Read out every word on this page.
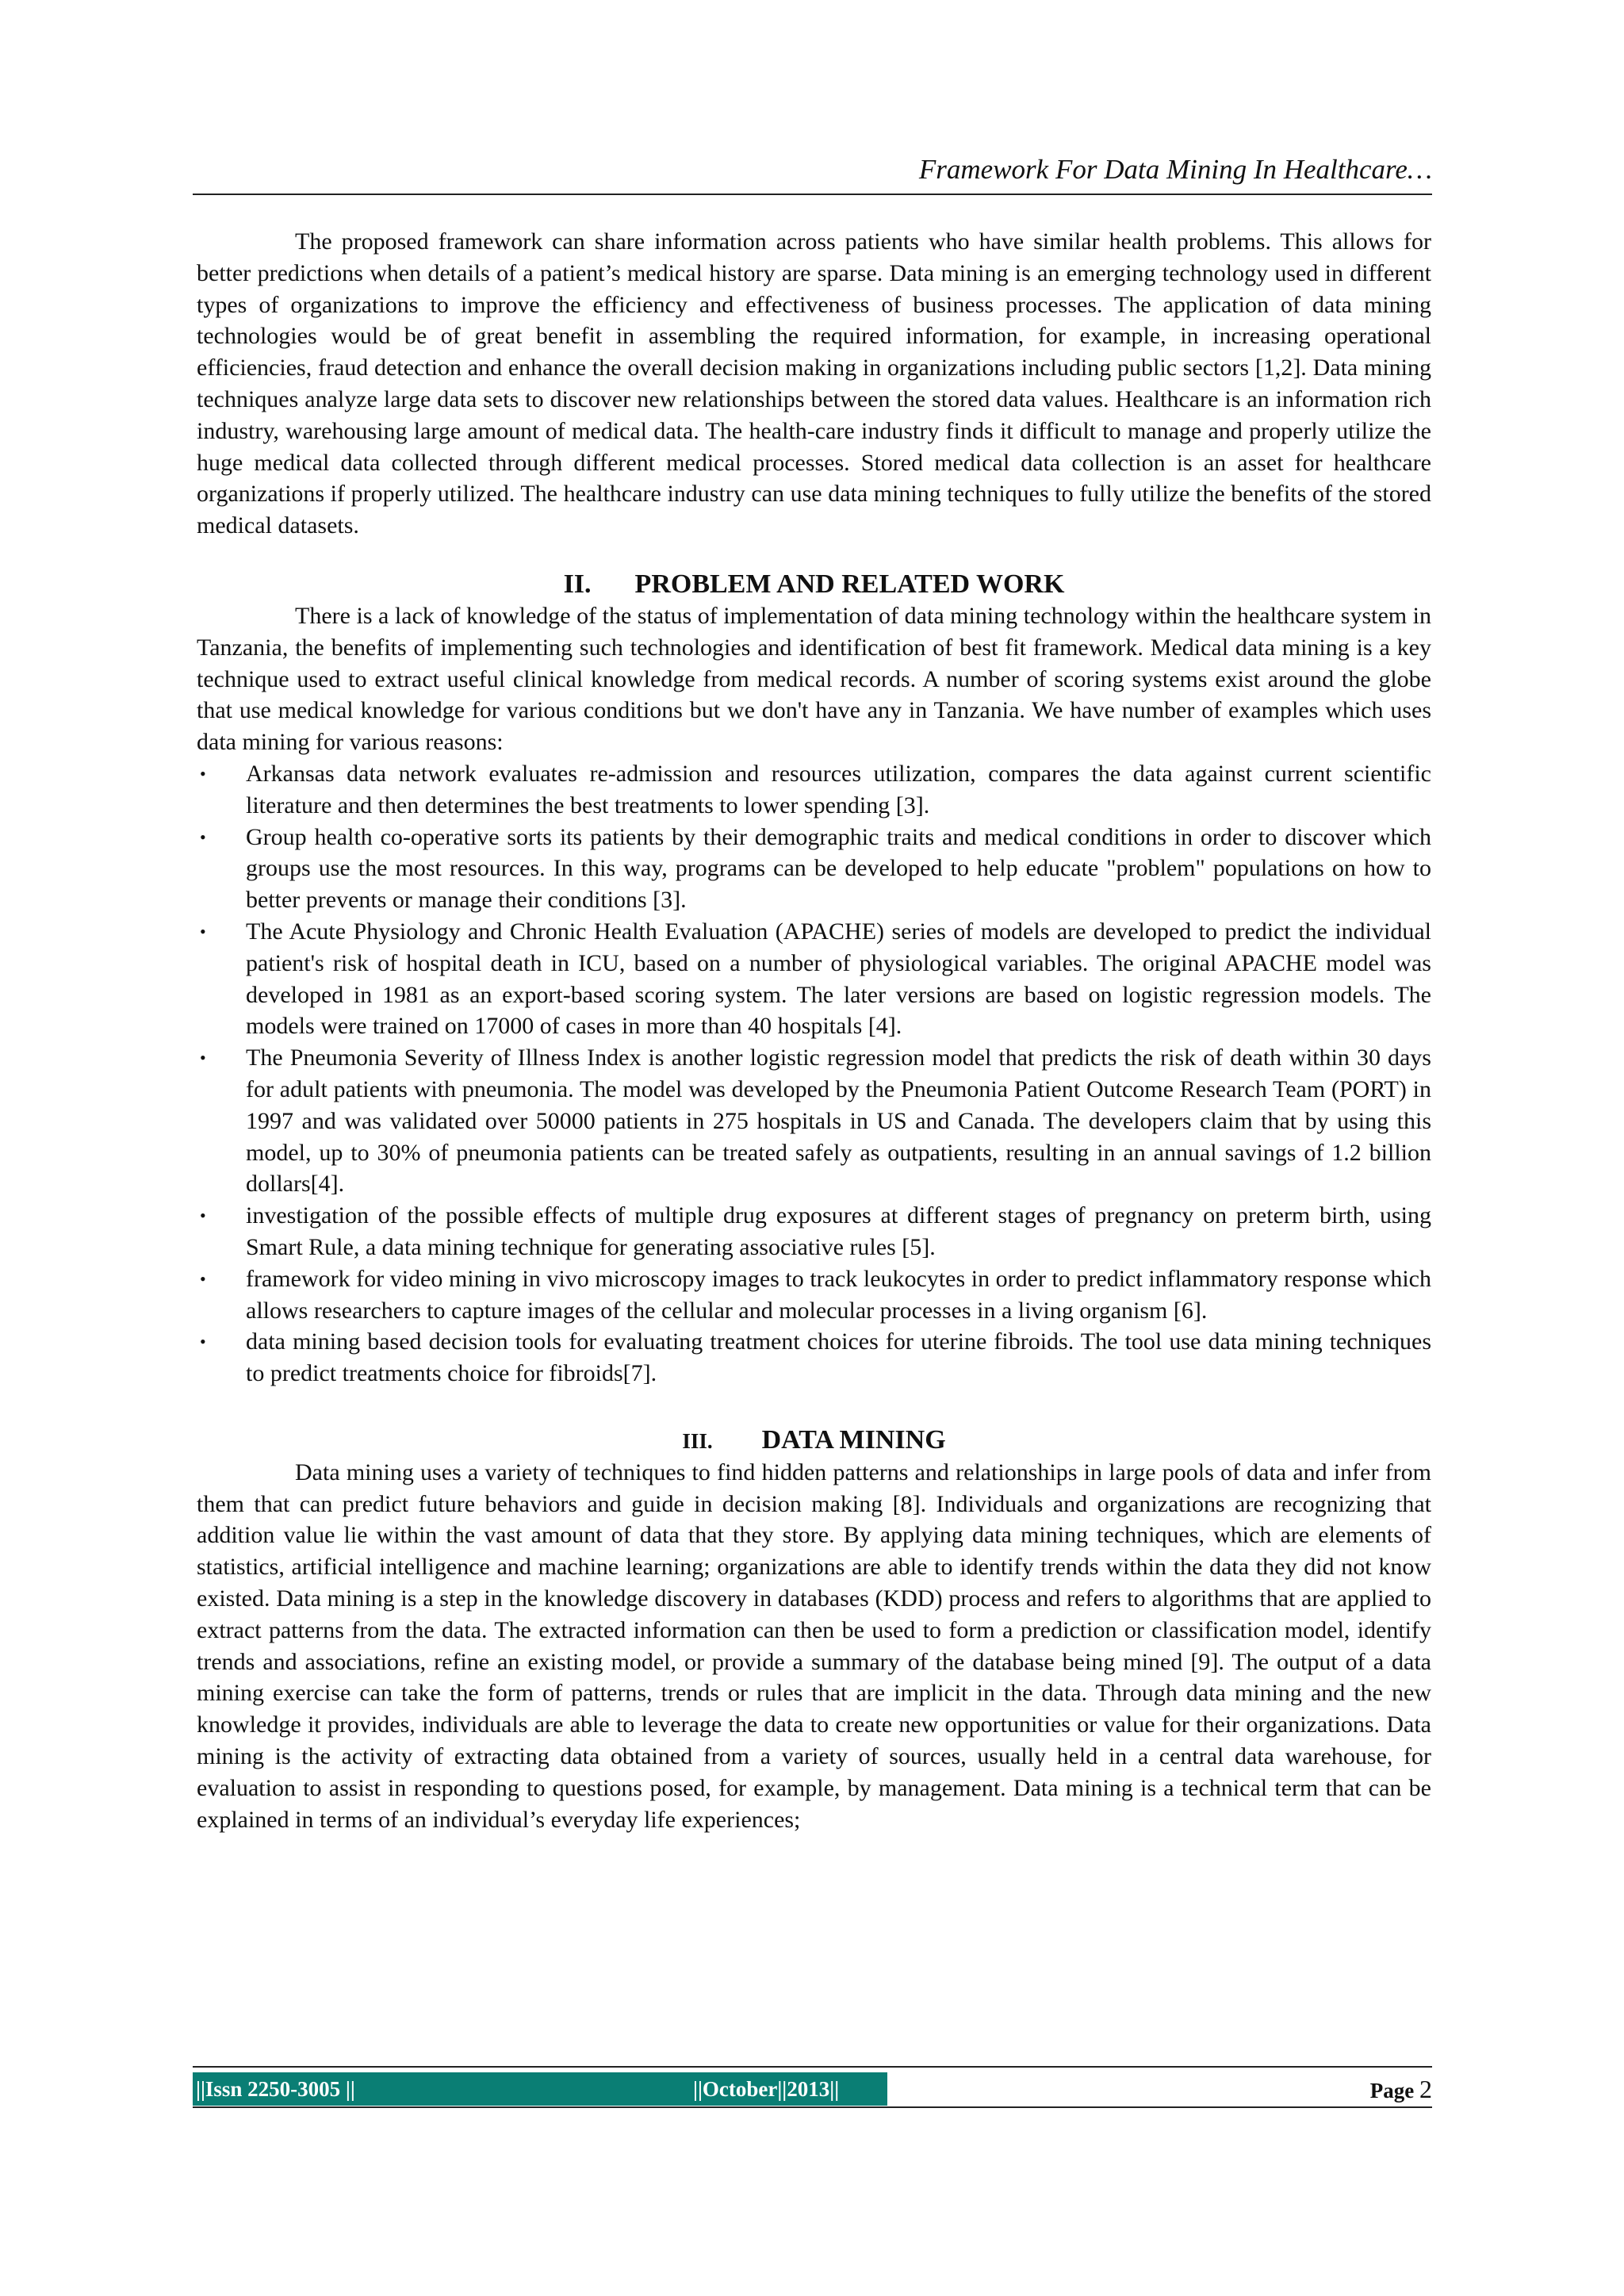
Framework For Data Mining In Healthcare…

The proposed framework can share information across patients who have similar health problems. This allows for better predictions when details of a patient’s medical history are sparse. Data mining is an emerging technology used in different types of organizations to improve the efficiency and effectiveness of business processes. The application of data mining technologies would be of great benefit in assembling the required information, for example, in increasing operational efficiencies, fraud detection and enhance the overall decision making in organizations including public sectors [1,2]. Data mining techniques analyze large data sets to discover new relationships between the stored data values. Healthcare is an information rich industry, warehousing large amount of medical data. The health-care industry finds it difficult to manage and properly utilize the huge medical data collected through different medical processes. Stored medical data collection is an asset for healthcare organizations if properly utilized. The healthcare industry can use data mining techniques to fully utilize the benefits of the stored medical datasets.

II. PROBLEM AND RELATED WORK

There is a lack of knowledge of the status of implementation of data mining technology within the healthcare system in Tanzania, the benefits of implementing such technologies and identification of best fit framework. Medical data mining is a key technique used to extract useful clinical knowledge from medical records. A number of scoring systems exist around the globe that use medical knowledge for various conditions but we don't have any in Tanzania. We have number of examples which uses data mining for various reasons:

• Arkansas data network evaluates re-admission and resources utilization, compares the data against current scientific literature and then determines the best treatments to lower spending [3].
• Group health co-operative sorts its patients by their demographic traits and medical conditions in order to discover which groups use the most resources. In this way, programs can be developed to help educate "problem" populations on how to better prevents or manage their conditions [3].
• The Acute Physiology and Chronic Health Evaluation (APACHE) series of models are developed to predict the individual patient's risk of hospital death in ICU, based on a number of physiological variables. The original APACHE model was developed in 1981 as an export-based scoring system. The later versions are based on logistic regression models. The models were trained on 17000 of cases in more than 40 hospitals [4].
• The Pneumonia Severity of Illness Index is another logistic regression model that predicts the risk of death within 30 days for adult patients with pneumonia. The model was developed by the Pneumonia Patient Outcome Research Team (PORT) in 1997 and was validated over 50000 patients in 275 hospitals in US and Canada. The developers claim that by using this model, up to 30% of pneumonia patients can be treated safely as outpatients, resulting in an annual savings of 1.2 billion dollars[4].
• investigation of the possible effects of multiple drug exposures at different stages of pregnancy on preterm birth, using Smart Rule, a data mining technique for generating associative rules [5].
• framework for video mining in vivo microscopy images to track leukocytes in order to predict inflammatory response which allows researchers to capture images of the cellular and molecular processes in a living organism [6].
• data mining based decision tools for evaluating treatment choices for uterine fibroids. The tool use data mining techniques to predict treatments choice for fibroids[7].
III. DATA MINING

Data mining uses a variety of techniques to find hidden patterns and relationships in large pools of data and infer from them that can predict future behaviors and guide in decision making [8]. Individuals and organizations are recognizing that addition value lie within the vast amount of data that they store. By applying data mining techniques, which are elements of statistics, artificial intelligence and machine learning; organizations are able to identify trends within the data they did not know existed. Data mining is a step in the knowledge discovery in databases (KDD) process and refers to algorithms that are applied to extract patterns from the data. The extracted information can then be used to form a prediction or classification model, identify trends and associations, refine an existing model, or provide a summary of the database being mined [9]. The output of a data mining exercise can take the form of patterns, trends or rules that are implicit in the data. Through data mining and the new knowledge it provides, individuals are able to leverage the data to create new opportunities or value for their organizations. Data mining is the activity of extracting data obtained from a variety of sources, usually held in a central data warehouse, for evaluation to assist in responding to questions posed, for example, by management. Data mining is a technical term that can be explained in terms of an individual’s everyday life experiences;

||Issn 2250-3005 ||	||October||2013||	Page 2
